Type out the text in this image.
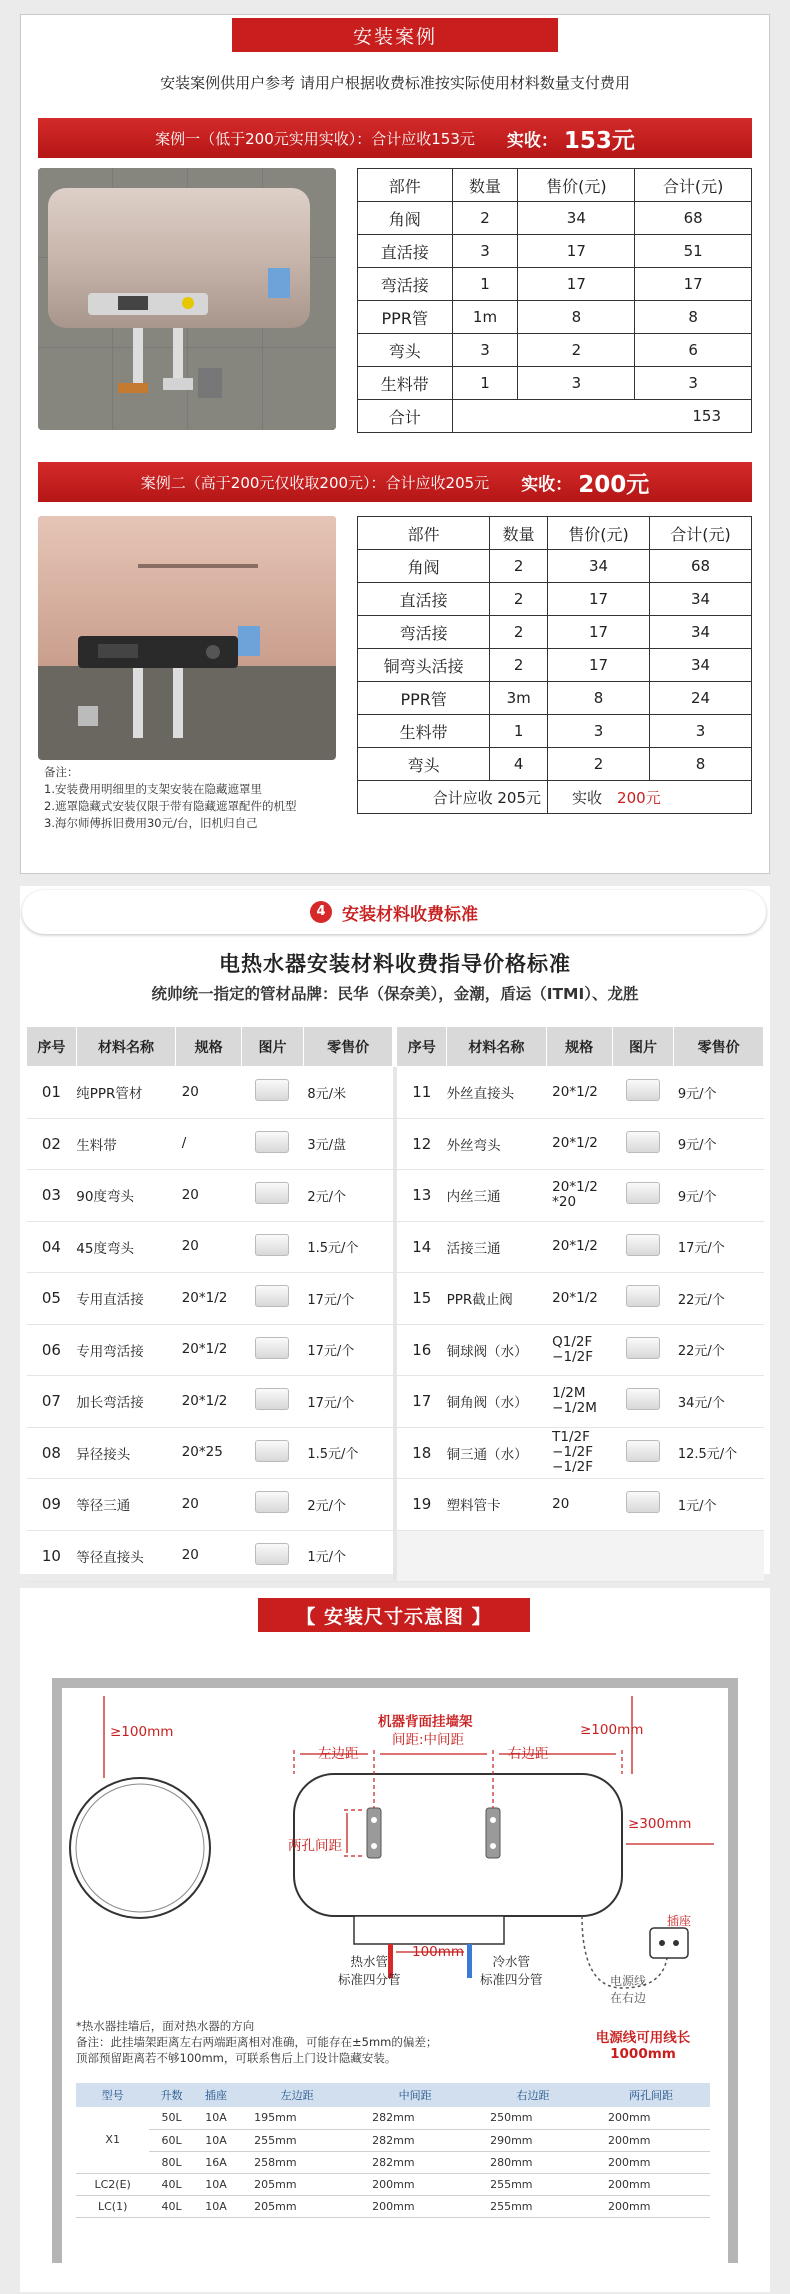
安装案例
安装案例供用户参考 请用户根据收费标准按实际使用材料数量支付费用
案例一（低于200元实用实收）：合计应收153元 实收： 153元
部件	数量	售价(元)	合计(元)
角阀	2	34	68
直活接	3	17	51
弯活接	1	17	17
PPR管	1m	8	8
弯头	3	2	6
生料带	1	3	3
合计	153		
案例二（高于200元仅收取200元）：合计应收205元 实收： 200元
部件	数量	售价(元)	合计(元)
角阀	2	34	68
直活接	2	17	34
弯活接	2	17	34
铜弯头活接	2	17	34
PPR管	3m	8	24
生料带	1	3	3
弯头	4	2	8
合计应收 205元		实收　 200元	
备注：
1.安装费用明细里的支架安装在隐藏遮罩里
2.遮罩隐藏式安装仅限于带有隐藏遮罩配件的机型
3.海尔师傅拆旧费用30元/台，旧机归自己
4 安装材料收费标准
电热水器安装材料收费指导价格标准
统帅统一指定的管材品牌：民华（保奈美），金潮，盾运（ITMI）、龙胜
序号	材料名称	规格	图片	零售价		序号	材料名称	规格	图片	零售价
01	纯PPR管材	20		8元/米		11	外丝直接头	20*1/2		9元/个
02	生料带	/		3元/盘		12	外丝弯头	20*1/2		9元/个
03	90度弯头	20		2元/个		13	内丝三通	20*1/2 *20		9元/个
04	45度弯头	20		1.5元/个		14	活接三通	20*1/2		17元/个
05	专用直活接	20*1/2		17元/个		15	PPR截止阀	20*1/2		22元/个
06	专用弯活接	20*1/2		17元/个		16	铜球阀（水）	Q1/2F −1/2F		22元/个
07	加长弯活接	20*1/2		17元/个		17	铜角阀（水）	1/2M −1/2M		34元/个
08	异径接头	20*25		1.5元/个		18	铜三通（水）	T1/2F −1/2F −1/2F		12.5元/个
09	等径三通	20		2元/个		19	塑料管卡	20		1元/个
10	等径直接头	20		1元/个						
【 安装尺寸示意图 】
≥100mm	≥100mm
机器背面挂墙架
间距:中间距
左边距	右边距
两孔间距
≥300mm
热水管
标准四分管
冷水管
标准四分管
100mm
插座
电源线
在右边
电源线可用线长
1000mm
*热水器挂墙后，面对热水器的方向
备注：此挂墙架距离左右两端距离相对准确，可能存在±5mm的偏差；
顶部预留距离若不够100mm，可联系售后上门设计隐藏安装。
型号	升数	插座	左边距	中间距	右边距	两孔间距
X1	50L	10A	195mm	282mm	250mm	200mm
	60L	10A	255mm	282mm	290mm	200mm
	80L	16A	258mm	282mm	280mm	200mm
LC2(E)	40L	10A	205mm	200mm	255mm	200mm
LC(1)	40L	10A	205mm	200mm	255mm	200mm
